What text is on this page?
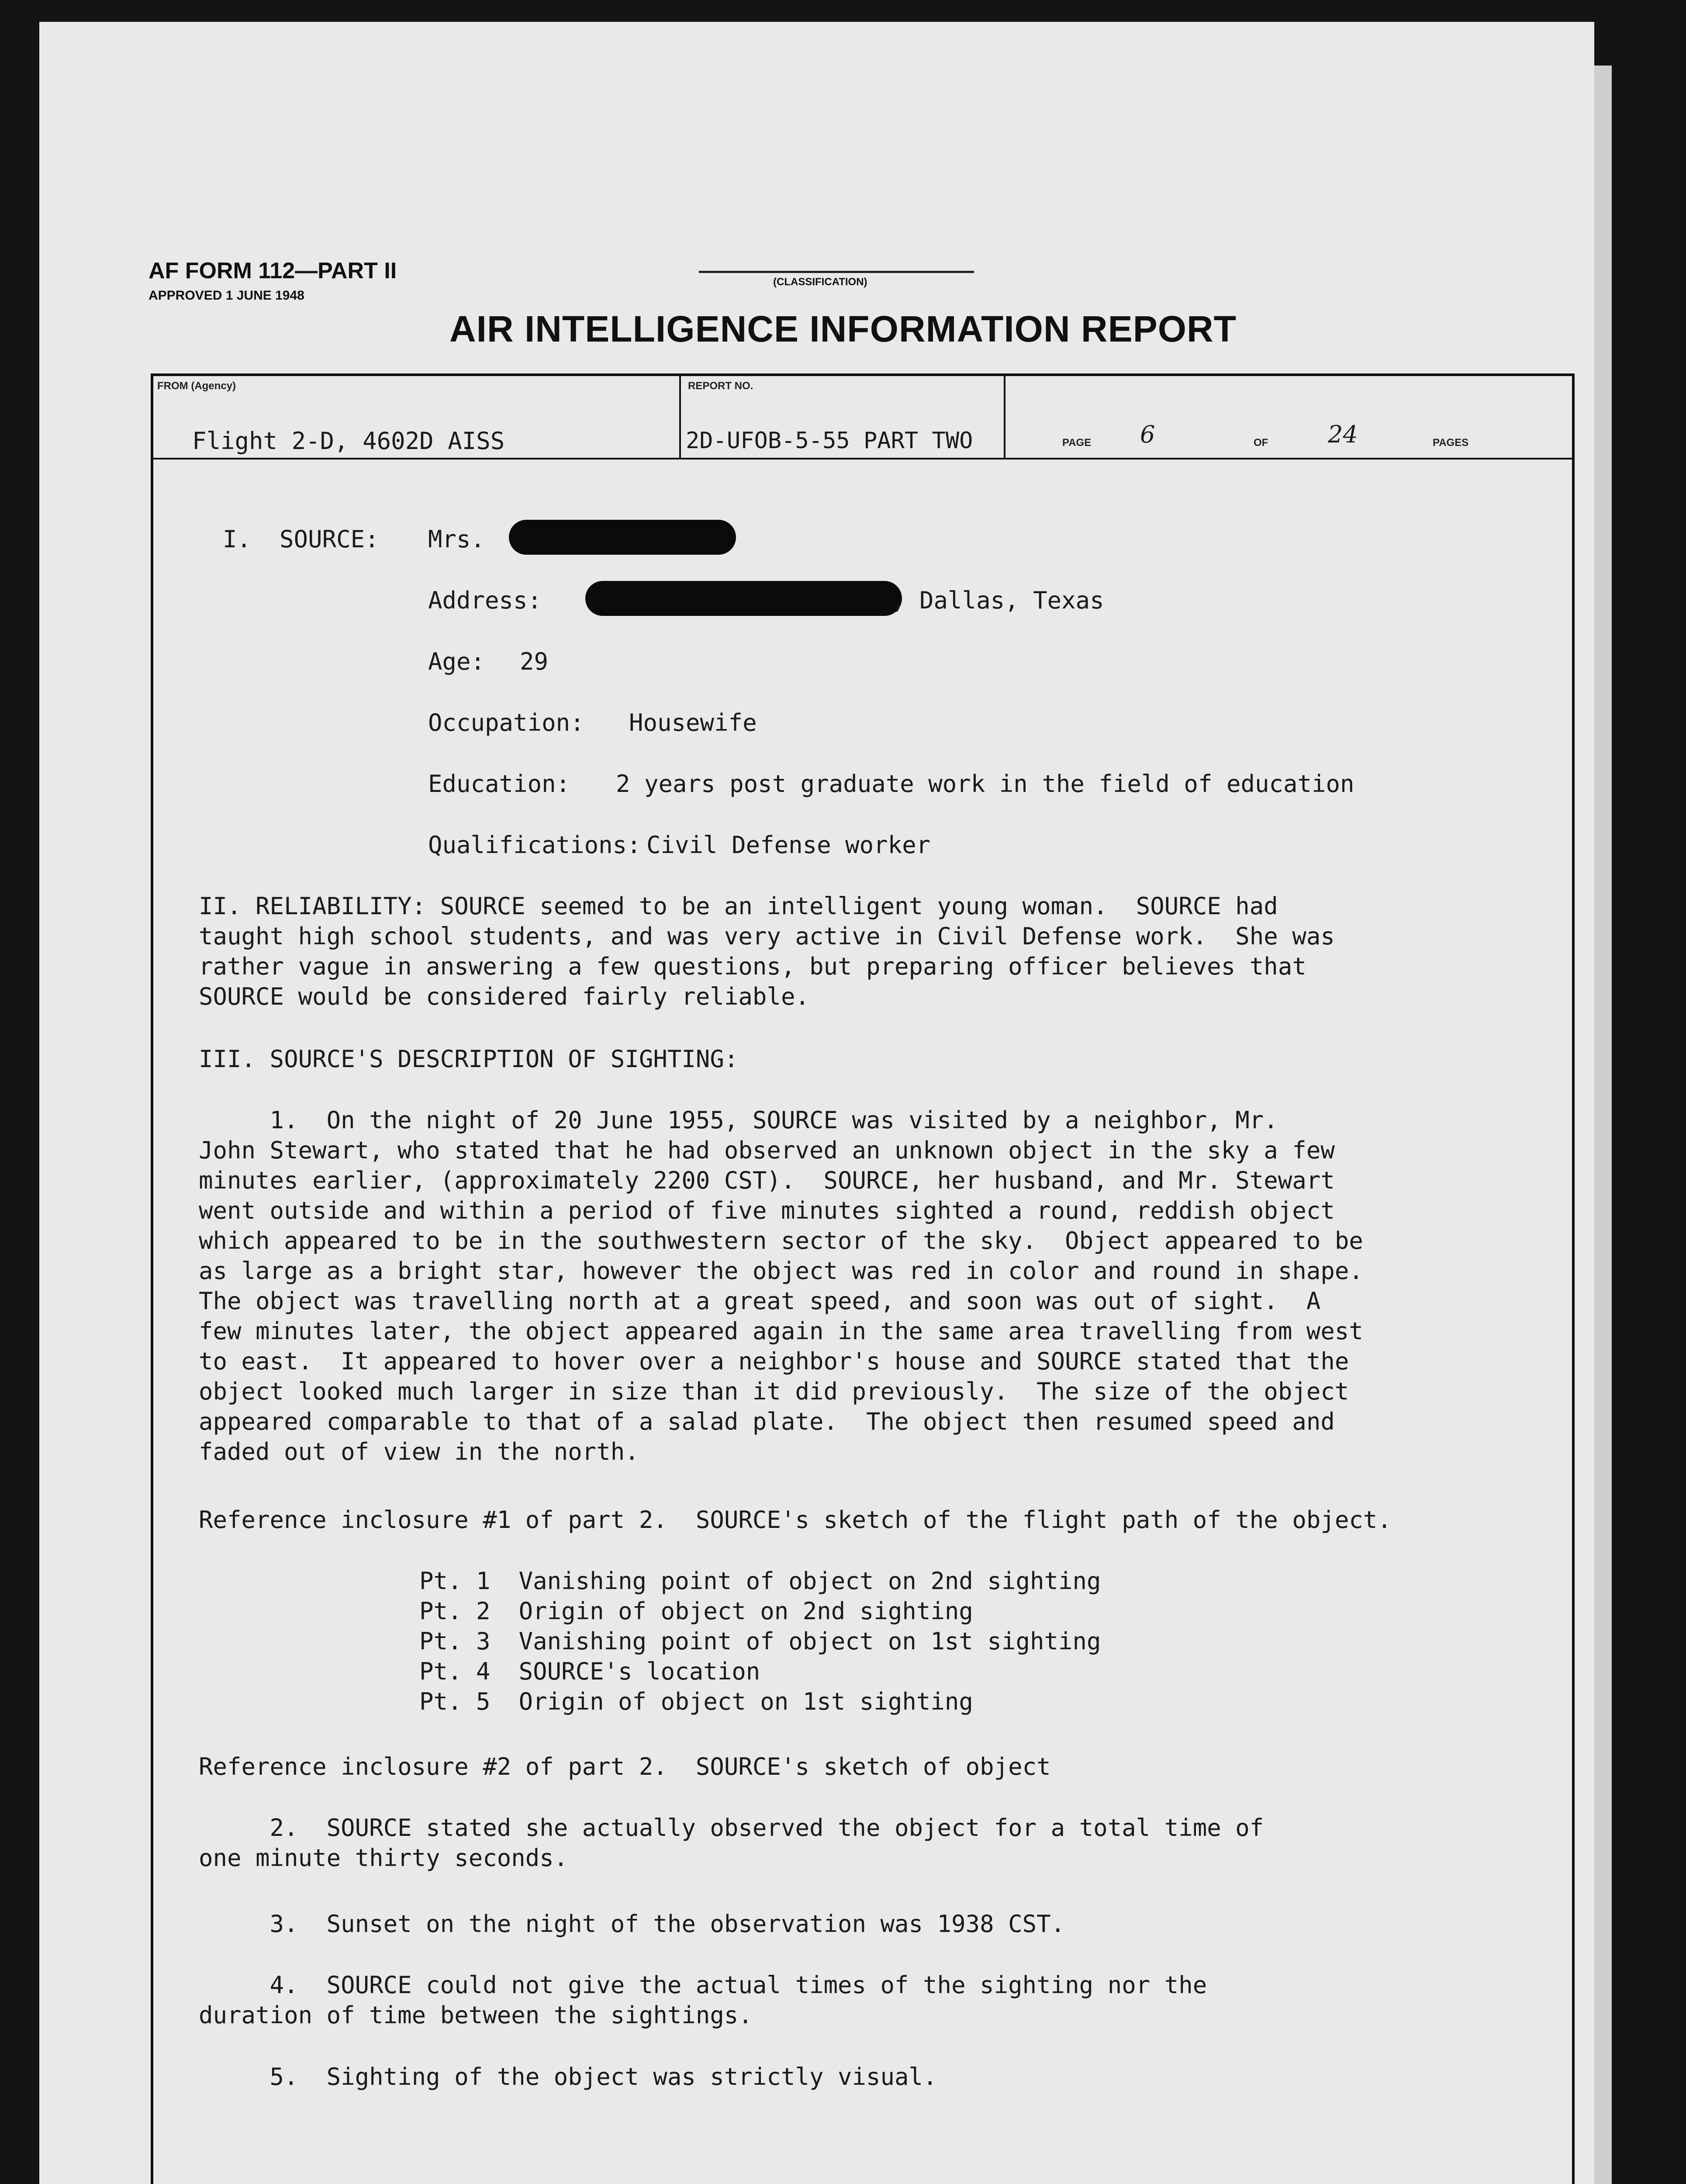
AF FORM 112—PART II
APPROVED 1 JUNE 1948
(CLASSIFICATION)
AIR INTELLIGENCE INFORMATION REPORT
FROM (Agency)
Flight 2-D, 4602D AISS
REPORT NO.
2D-UFOB-5-55 PART TWO	PAGE 6	OF	24	PAGES
I.  SOURCE: Mrs.
Address:	, Dallas, Texas
Age: 29
Occupation: Housewife
Education: 2 years post graduate work in the field of education
Qualifications: Civil Defense worker
II. RELIABILITY: SOURCE seemed to be an intelligent young woman.  SOURCE had
taught high school students, and was very active in Civil Defense work.  She was
rather vague in answering a few questions, but preparing officer believes that
SOURCE would be considered fairly reliable.
III. SOURCE'S DESCRIPTION OF SIGHTING:
1.  On the night of 20 June 1955, SOURCE was visited by a neighbor, Mr.
John Stewart, who stated that he had observed an unknown object in the sky a few
minutes earlier, (approximately 2200 CST).  SOURCE, her husband, and Mr. Stewart
went outside and within a period of five minutes sighted a round, reddish object
which appeared to be in the southwestern sector of the sky.  Object appeared to be
as large as a bright star, however the object was red in color and round in shape.
The object was travelling north at a great speed, and soon was out of sight.  A
few minutes later, the object appeared again in the same area travelling from west
to east.  It appeared to hover over a neighbor's house and SOURCE stated that the
object looked much larger in size than it did previously.  The size of the object
appeared comparable to that of a salad plate.  The object then resumed speed and
faded out of view in the north.
Reference inclosure #1 of part 2.  SOURCE's sketch of the flight path of the object.
Pt. 1  Vanishing point of object on 2nd sighting
Pt. 2  Origin of object on 2nd sighting
Pt. 3  Vanishing point of object on 1st sighting
Pt. 4  SOURCE's location
Pt. 5  Origin of object on 1st sighting
Reference inclosure #2 of part 2.  SOURCE's sketch of object
2.  SOURCE stated she actually observed the object for a total time of
one minute thirty seconds.
3.  Sunset on the night of the observation was 1938 CST.
4.  SOURCE could not give the actual times of the sighting nor the
duration of time between the sightings.
5.  Sighting of the object was strictly visual.
